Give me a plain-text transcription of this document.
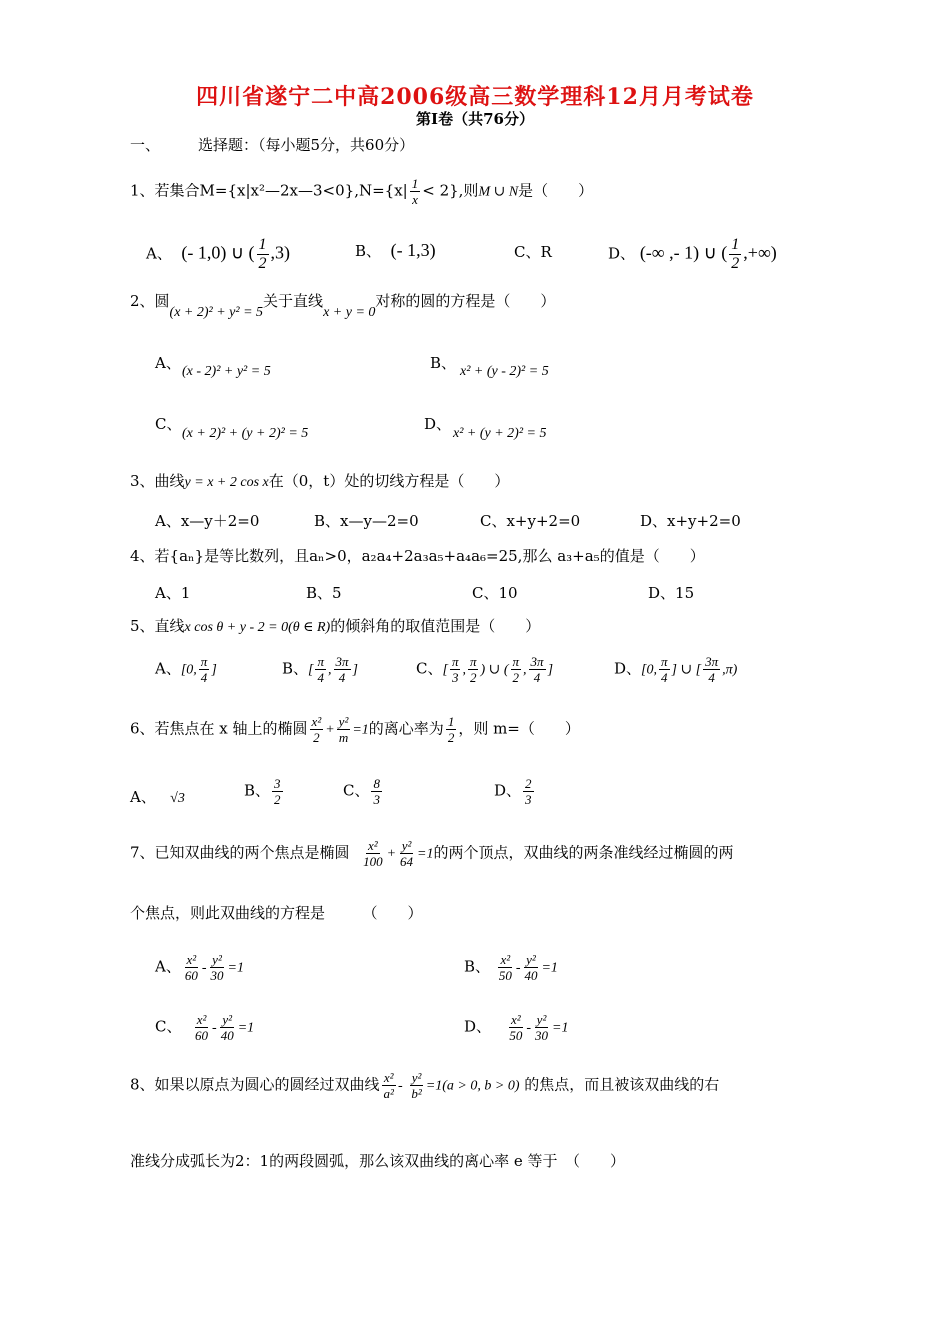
四川省遂宁二中高2006级高三数学理科12月月考试卷
第Ⅰ卷（共76分）
一、	选择题：（每小题5分，共60分）
1、若集合M={x|x²—2x—3<0},N={x| $\frac{1}{x} < 2$},则M ∪ N是（　　）
A、 (- 1,0) ∪ ( $\frac{1}{2} ,3$)	B、 (- 1,3)	C、R	D、 (-∞ ,- 1) ∪ ( $\frac{1}{2}$ ,+∞)
2、圆(x + 2)² + y² = 5关于直线x + y = 0对称的圆的方程是（　　）
A、 (x - 2)² + y² = 5	B、 x² + (y - 2)² = 5
C、
(x + 2)² + (y + 2)² = 5
D、
x² + (y + 2)² = 5
3、曲线y = x + 2 cos x在（0，t）处的切线方程是（　　）
A、x—y＋2=0	B、x—y—2=0	C、x+y+2=0	D、x+y+2=0
4、若{aₙ}是等比数列，且aₙ>0，a₂a₄+2a₃a₅+a₄a₆=25,那么 a₃+a₅的值是（　　）
A、1	B、5	C、10	D、15
5、直线x cos θ + y - 2 = 0(θ ∈ R)的倾斜角的取值范围是（　　）
A、[0, $\frac{\pi}{4}$ ]	B、[ $\frac{\pi}{4}$ , $\frac{3\pi}{4}$ ]	C、[ $\frac{\pi}{3}$ , $\frac{\pi}{2}$ ) ∪ ( $\frac{\pi}{2}$ , $\frac{3\pi}{4}$ ]	D、[0, $\frac{\pi}{4}$ ] ∪ [ $\frac{3\pi}{4} ,\pi$)
6、若焦点在 x 轴上的椭圆 $\frac{\text{x²}}{2} + \frac{\text{y²}}{m} =1$的离心率为 $\frac{1}{2}$ ，则 m=（　　）
A、 √3	B、 $\frac{3}{2}$	C、 $\frac{8}{3}$	D、 $\frac{2}{3}$
7、已知双曲线的两个焦点是椭圆 $\frac{\text{x²}}{100} + \frac{\text{y²}}{64} =1$的两个顶点，双曲线的两条准线经过椭圆的两
个焦点，则此双曲线的方程是　　　（　　）
A、 $\frac{\text{x²}}{60} - \frac{\text{y²}}{30} =1$	B、 $\frac{\text{x²}}{50} - \frac{\text{y²}}{40} =1$
C、 $\frac{\text{x²}}{60} - \frac{\text{y²}}{40} =1$	D、 $\frac{\text{x²}}{50} - \frac{\text{y²}}{30} =1$
8、如果以原点为圆心的圆经过双曲线 $\frac{\text{x²}}{\text{a²}} - \frac{\text{y²}}{\text{b²}} =1(a > 0$, b > 0) 的焦点，而且被该双曲线的右
准线分成弧长为2：1的两段圆弧，那么该双曲线的离心率 e 等于　（　　）
